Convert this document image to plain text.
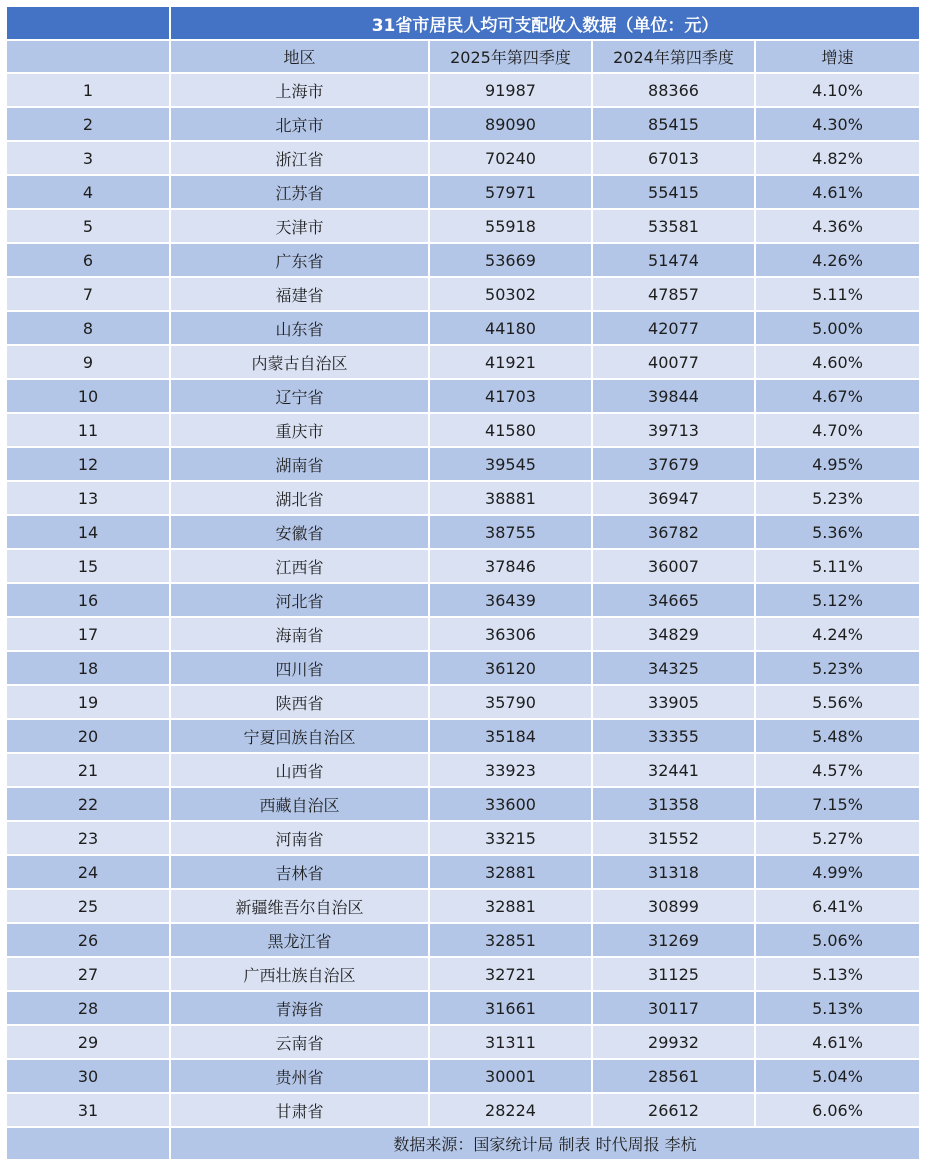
	31省市居民人均可支配收入数据（单位：元）			
	地区	2025年第四季度	2024年第四季度	增速
1	上海市	91987	88366	4.10%
2	北京市	89090	85415	4.30%
3	浙江省	70240	67013	4.82%
4	江苏省	57971	55415	4.61%
5	天津市	55918	53581	4.36%
6	广东省	53669	51474	4.26%
7	福建省	50302	47857	5.11%
8	山东省	44180	42077	5.00%
9	内蒙古自治区	41921	40077	4.60%
10	辽宁省	41703	39844	4.67%
11	重庆市	41580	39713	4.70%
12	湖南省	39545	37679	4.95%
13	湖北省	38881	36947	5.23%
14	安徽省	38755	36782	5.36%
15	江西省	37846	36007	5.11%
16	河北省	36439	34665	5.12%
17	海南省	36306	34829	4.24%
18	四川省	36120	34325	5.23%
19	陕西省	35790	33905	5.56%
20	宁夏回族自治区	35184	33355	5.48%
21	山西省	33923	32441	4.57%
22	西藏自治区	33600	31358	7.15%
23	河南省	33215	31552	5.27%
24	吉林省	32881	31318	4.99%
25	新疆维吾尔自治区	32881	30899	6.41%
26	黑龙江省	32851	31269	5.06%
27	广西壮族自治区	32721	31125	5.13%
28	青海省	31661	30117	5.13%
29	云南省	31311	29932	4.61%
30	贵州省	30001	28561	5.04%
31	甘肃省	28224	26612	6.06%
	数据来源：国家统计局 制表 时代周报 李杭			
